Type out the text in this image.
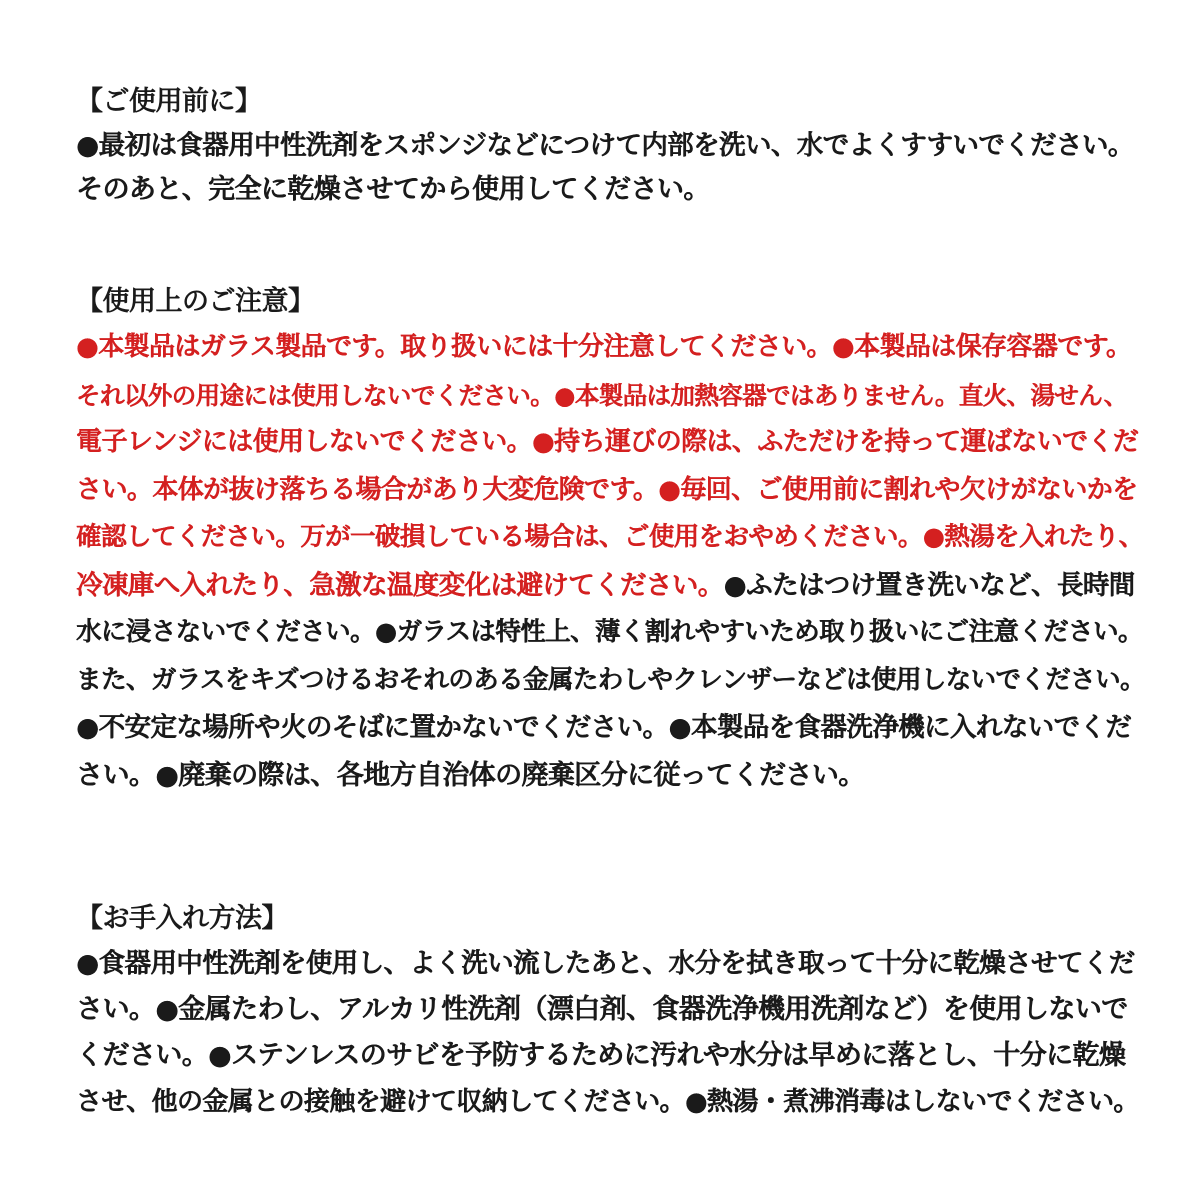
【ご使用前に】
●最初は食器用中性洗剤をスポンジなどにつけて内部を洗い、水でよくすすいでください。
そのあと、完全に乾燥させてから使用してください。
【使用上のご注意】
●本製品はガラス製品です。取り扱いには十分注意してください。●本製品は保存容器です。
それ以外の用途には使用しないでください。●本製品は加熱容器ではありません。直火、湯せん、
電子レンジには使用しないでください。●持ち運びの際は、ふただけを持って運ばないでくだ
さい。本体が抜け落ちる場合があり大変危険です。●毎回、ご使用前に割れや欠けがないかを
確認してください。万が一破損している場合は、ご使用をおやめください。●熱湯を入れたり、
冷凍庫へ入れたり、急激な温度変化は避けてください。●ふたはつけ置き洗いなど、長時間
水に浸さないでください。●ガラスは特性上、薄く割れやすいため取り扱いにご注意ください。
また、ガラスをキズつけるおそれのある金属たわしやクレンザーなどは使用しないでください。
●不安定な場所や火のそばに置かないでください。●本製品を食器洗浄機に入れないでくだ
さい。●廃棄の際は、各地方自治体の廃棄区分に従ってください。
【お手入れ方法】
●食器用中性洗剤を使用し、よく洗い流したあと、水分を拭き取って十分に乾燥させてくだ
さい。●金属たわし、アルカリ性洗剤（漂白剤、食器洗浄機用洗剤など）を使用しないで
ください。●ステンレスのサビを予防するために汚れや水分は早めに落とし、十分に乾燥
させ、他の金属との接触を避けて収納してください。●熱湯・煮沸消毒はしないでください。
